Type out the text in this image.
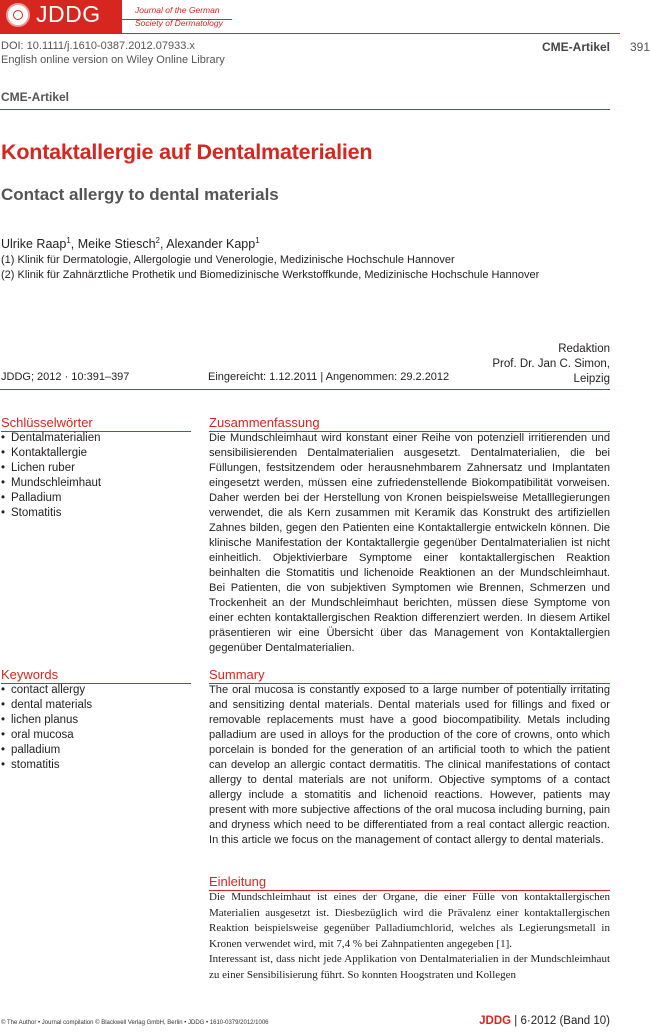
JDDG	Journal of the German
Society of Dermatology
DOI: 10.1111/j.1610-0387.2012.07933.x
English online version on Wiley Online Library
CME-Artikel 391
CME-Artikel
Kontaktallergie auf Dentalmaterialien
Contact allergy to dental materials
Ulrike Raap$^1$, Meike Stiesch$^2$, Alexander Kapp$^1$
(1) Klinik für Dermatologie, Allergologie und Venerologie, Medizinische Hochschule Hannover
(2) Klinik für Zahnärztliche Prothetik und Biomedizinische Werkstoffkunde, Medizinische Hochschule Hannover
Redaktion
Prof. Dr. Jan C. Simon,
Leipzig
JDDG; 2012 · 10:391–397	Eingereicht: 1.12.2011 | Angenommen: 29.2.2012
Schlüsselwörter
• Dentalmaterialien
• Kontaktallergie
• Lichen ruber
• Mundschleimhaut
• Palladium
• Stomatitis
Keywords
• contact allergy
• dental materials
• lichen planus
• oral mucosa
• palladium
• stomatitis
Zusammenfassung

Die Mundschleimhaut wird konstant einer Reihe von potenziell irritierenden und sensibilisierenden Dentalmaterialien ausgesetzt. Dentalmaterialien, die bei Füllungen, festsitzendem oder herausnehmbarem Zahnersatz und Implantaten eingesetzt werden, müssen eine zufriedenstellende Biokompatibilität vorweisen. Daher werden bei der Herstellung von Kronen beispielsweise Metalllegierungen verwendet, die als Kern zusammen mit Keramik das Konstrukt des artifiziellen Zahnes bilden, gegen den Patienten eine Kontaktallergie entwickeln können. Die klinische Manifestation der Kontaktallergie gegenüber Dentalmaterialien ist nicht einheitlich. Objektivierbare Symptome einer kontaktallergischen Reaktion beinhalten die Stomatitis und lichenoide Reaktionen an der Mundschleimhaut. Bei Patienten, die von subjektiven Symptomen wie Brennen, Schmerzen und Trockenheit an der Mundschleimhaut berichten, müssen diese Symptome von einer echten kontaktallergischen Reaktion differenziert werden. In diesem Artikel präsentieren wir eine Übersicht über das Management von Kontaktallergien gegenüber Dentalmaterialien.

Summary

The oral mucosa is constantly exposed to a large number of potentially irritating and sensitizing dental materials. Dental materials used for fillings and fixed or removable replacements must have a good biocompatibility. Metals including palladium are used in alloys for the production of the core of crowns, onto which porcelain is bonded for the generation of an artificial tooth to which the patient can develop an allergic contact dermatitis. The clinical manifestations of contact allergy to dental materials are not uniform. Objective symptoms of a contact allergy include a stomatitis and lichenoid reactions. However, patients may present with more subjective affections of the oral mucosa including burning, pain and dryness which need to be differentiated from a real contact allergic reaction. In this article we focus on the management of contact allergy to dental materials.

Einleitung

Die Mundschleimhaut ist eines der Organe, die einer Fülle von kontaktallergischen Materialien ausgesetzt ist. Diesbezüglich wird die Prävalenz einer kontaktallergischen Reaktion beispielsweise gegenüber Palladiumchlorid, welches als Legierungsmetall in Kronen verwendet wird, mit 7,4 % bei Zahnpatienten angegeben [1].

Interessant ist, dass nicht jede Applikation von Dentalmaterialien in der Mundschleimhaut zu einer Sensibilisierung führt. So konnten Hoogstraten und Kollegen

© The Author • Journal compilation © Blackwell Verlag GmbH, Berlin • JDDG • 1610-0379/2012/1006	JDDG | 6·2012 (Band 10)
